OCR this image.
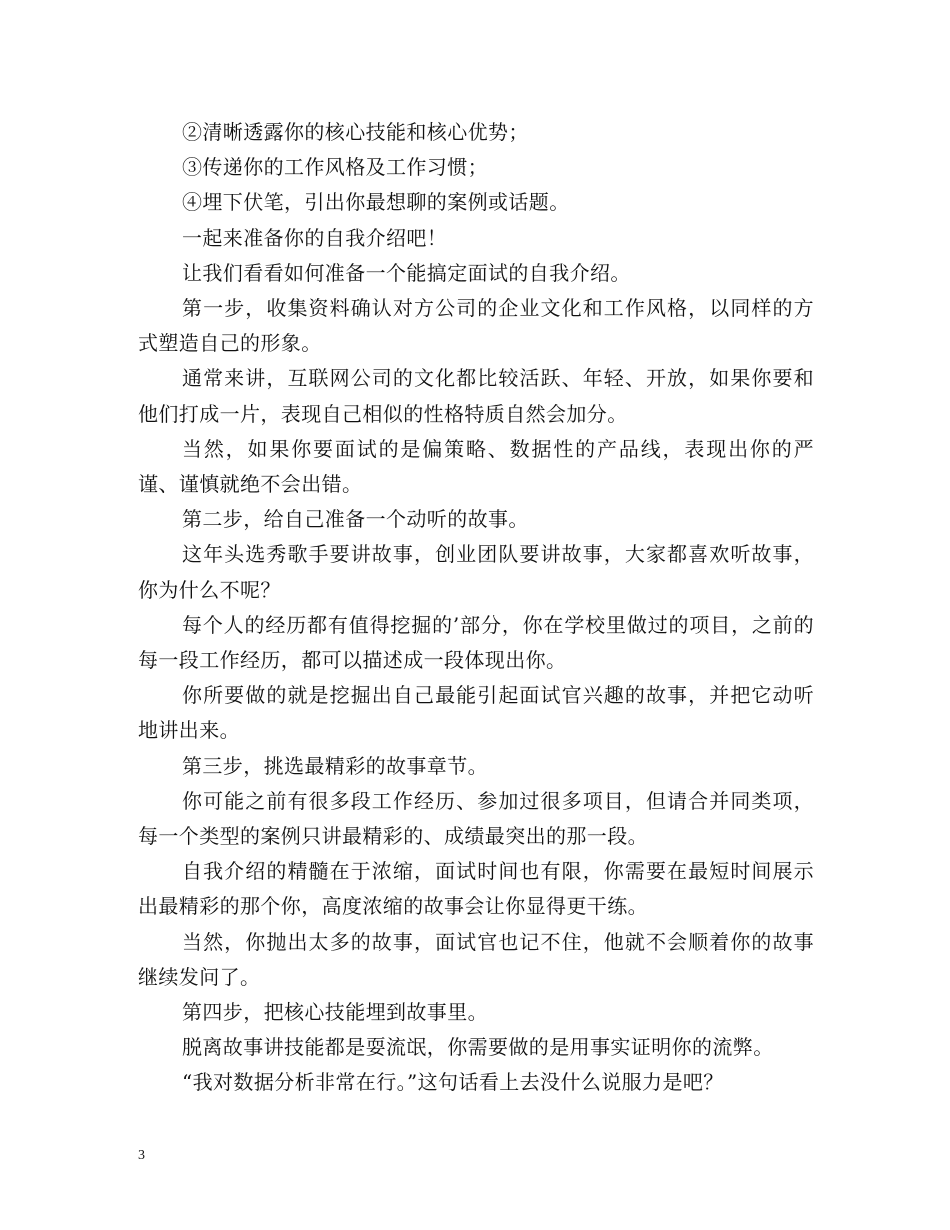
②清晰透露你的核心技能和核心优势；

③传递你的工作风格及工作习惯；

④埋下伏笔，引出你最想聊的案例或话题。

一起来准备你的自我介绍吧！

让我们看看如何准备一个能搞定面试的自我介绍。

第一步，收集资料确认对方公司的企业文化和工作风格，以同样的方式塑造自己的形象。

通常来讲，互联网公司的文化都比较活跃、年轻、开放，如果你要和他们打成一片，表现自己相似的性格特质自然会加分。

当然，如果你要面试的是偏策略、数据性的产品线，表现出你的严谨、谨慎就绝不会出错。

第二步，给自己准备一个动听的故事。

这年头选秀歌手要讲故事，创业团队要讲故事，大家都喜欢听故事，你为什么不呢？

每个人的经历都有值得挖掘的’部分，你在学校里做过的项目，之前的每一段工作经历，都可以描述成一段体现出你。

你所要做的就是挖掘出自己最能引起面试官兴趣的故事，并把它动听地讲出来。

第三步，挑选最精彩的故事章节。

你可能之前有很多段工作经历、参加过很多项目，但请合并同类项，每一个类型的案例只讲最精彩的、成绩最突出的那一段。

自我介绍的精髓在于浓缩，面试时间也有限，你需要在最短时间展示出最精彩的那个你，高度浓缩的故事会让你显得更干练。

当然，你抛出太多的故事，面试官也记不住，他就不会顺着你的故事继续发问了。

第四步，把核心技能埋到故事里。

脱离故事讲技能都是耍流氓，你需要做的是用事实证明你的流弊。

“我对数据分析非常在行。”这句话看上去没什么说服力是吧？

3
